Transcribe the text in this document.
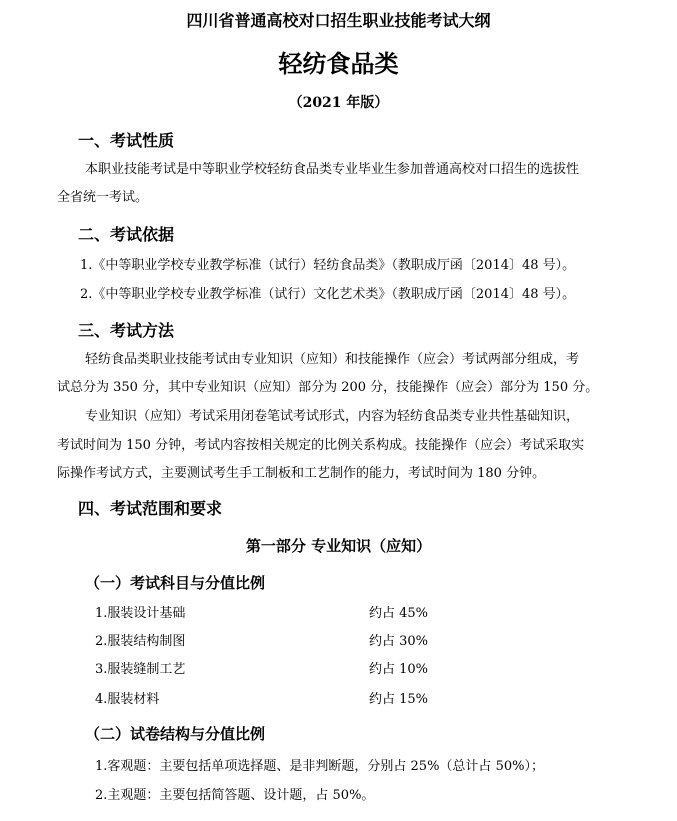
四川省普通高校对口招生职业技能考试大纲
轻纺食品类
（2021 年版）
一、考试性质
本职业技能考试是中等职业学校轻纺食品类专业毕业生参加普通高校对口招生的选拔性
全省统一考试。
二、考试依据
1.《中等职业学校专业教学标准（试行）轻纺食品类》（教职成厅函〔2014〕48 号）。
2.《中等职业学校专业教学标准（试行）文化艺术类》（教职成厅函〔2014〕48 号）。
三、考试方法
轻纺食品类职业技能考试由专业知识（应知）和技能操作（应会）考试两部分组成，考
试总分为 350 分，其中专业知识（应知）部分为 200 分，技能操作（应会）部分为 150 分。
专业知识（应知）考试采用闭卷笔试考试形式，内容为轻纺食品类专业共性基础知识，
考试时间为 150 分钟，考试内容按相关规定的比例关系构成。技能操作（应会）考试采取实
际操作考试方式，主要测试考生手工制板和工艺制作的能力，考试时间为 180 分钟。
四、考试范围和要求
第一部分 专业知识（应知）
（一）考试科目与分值比例
1.服装设计基础	约占 45%
2.服装结构制图	约占 30%
3.服装缝制工艺	约占 10%
4.服装材料	约占 15%
（二）试卷结构与分值比例
1.客观题：主要包括单项选择题、是非判断题，分别占 25%（总计占 50%）；
2.主观题：主要包括简答题、设计题，占 50%。
